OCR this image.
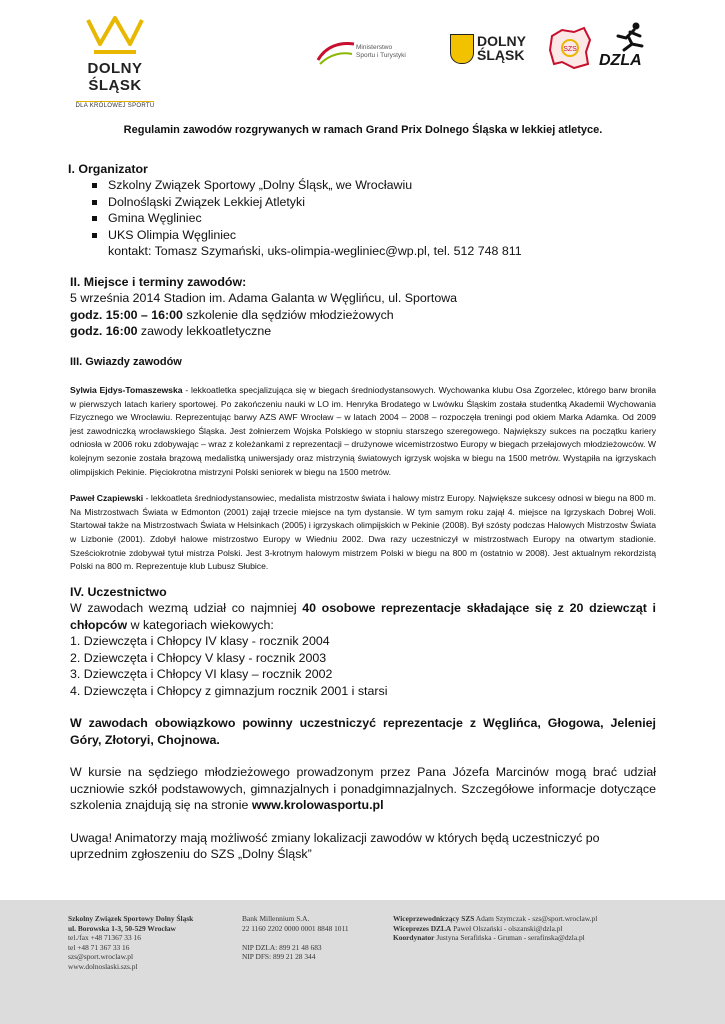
DOLNY ŚLĄSK
DLA KRÓLOWEJ SPORTU
Ministerstwo
Sportu i Turystyki
DOLNY
ŚLĄSK	SZS
DZLA
Regulamin zawodów rozgrywanych w ramach Grand Prix Dolnego Śląska w lekkiej atletyce.
I. Organizator
Szkolny Związek Sportowy „Dolny Śląsk„ we Wrocławiu
Dolnośląski Związek Lekkiej Atletyki
Gmina Węgliniec
UKS Olimpia Węgliniec
kontakt: Tomasz Szymański, uks-olimpia-wegliniec@wp.pl, tel. 512 748 811
II. Miejsce i terminy zawodów:
5 września 2014 Stadion im. Adama Galanta w Węglińcu, ul. Sportowa
godz. 15:00 – 16:00 szkolenie dla sędziów młodzieżowych
godz. 16:00 zawody lekkoatletyczne
III. Gwiazdy zawodów

Sylwia Ejdys-Tomaszewska - lekkoatletka specjalizująca się w biegach średniodystansowych. Wychowanka klubu Osa Zgorzelec, którego barw broniła w pierwszych latach kariery sportowej. Po zakończeniu nauki w LO im. Henryka Brodatego w Lwówku Śląskim została studentką Akademii Wychowania Fizycznego we Wrocławiu. Reprezentując barwy AZS AWF Wrocław – w latach 2004 – 2008 – rozpoczęła treningi pod okiem Marka Adamka. Od 2009 jest zawodniczką wrocławskiego Śląska. Jest żołnierzem Wojska Polskiego w stopniu starszego szeregowego. Największy sukces na początku kariery odniosła w 2006 roku zdobywając – wraz z koleżankami z reprezentacji – drużynowe wicemistrzostwo Europy w biegach przełajowych młodzieżowców. W kolejnym sezonie została brązową medalistką uniwersjady oraz mistrzynią światowych igrzysk wojska w biegu na 1500 metrów. Wystąpiła na igrzyskach olimpijskich Pekinie. Pięciokrotna mistrzyni Polski seniorek w biegu na 1500 metrów.

Paweł Czapiewski - lekkoatleta średniodystansowiec, medalista mistrzostw świata i halowy mistrz Europy. Największe sukcesy odnosi w biegu na 800 m. Na Mistrzostwach Świata w Edmonton (2001) zajął trzecie miejsce na tym dystansie. W tym samym roku zajął 4. miejsce na Igrzyskach Dobrej Woli. Startował także na Mistrzostwach Świata w Helsinkach (2005) i igrzyskach olimpijskich w Pekinie (2008). Był szósty podczas Halowych Mistrzostw Świata w Lizbonie (2001). Zdobył halowe mistrzostwo Europy w Wiedniu 2002. Dwa razy uczestniczył w mistrzostwach Europy na otwartym stadionie. Sześciokrotnie zdobywał tytuł mistrza Polski. Jest 3-krotnym halowym mistrzem Polski w biegu na 800 m (ostatnio w 2008). Jest aktualnym rekordzistą Polski na 800 m. Reprezentuje klub Lubusz Słubice.

IV. Uczestnictwo
W zawodach wezmą udział co najmniej 40 osobowe reprezentacje składające się z 20 dziewcząt i chłopców w kategoriach wiekowych:
1. Dziewczęta i Chłopcy IV klasy - rocznik 2004
2. Dziewczęta i Chłopcy V klasy - rocznik 2003
3. Dziewczęta i Chłopcy VI klasy – rocznik 2002
4. Dziewczęta i Chłopcy z gimnazjum rocznik 2001 i starsi
W zawodach obowiązkowo powinny uczestniczyć reprezentacje z Węglińca, Głogowa, Jeleniej Góry, Złotoryi, Chojnowa.
W kursie na sędziego młodzieżowego prowadzonym przez Pana Józefa Marcinów mogą brać udział uczniowie szkół podstawowych, gimnazjalnych i ponadgimnazjalnych. Szczegółowe informacje dotyczące szkolenia znajdują się na stronie www.krolowasportu.pl
Uwaga! Animatorzy mają możliwość zmiany lokalizacji zawodów w których będą uczestniczyć po uprzednim zgłoszeniu do SZS „Dolny Śląsk”
Szkolny Związek Sportowy Dolny Śląsk
ul. Borowska 1-3, 50-529 Wrocław
tel./fax +48 71367 33 16
tel +48 71 367 33 16
szs@sport.wroclaw.pl
www.dolnoslaski.szs.pl
Bank Millennium S.A.
22 1160 2202 0000 0001 8848 1011
NIP DZLA: 899 21 48 683
NIP DFS: 899 21 28 344
Wiceprzewodniczący SZS Adam Szymczak - szs@sport.wroclaw.pl
Wiceprezes DZLA Paweł Olszański - olszanski@dzla.pl
Koordynator Justyna Serafińska - Gruman - serafinska@dzla.pl
